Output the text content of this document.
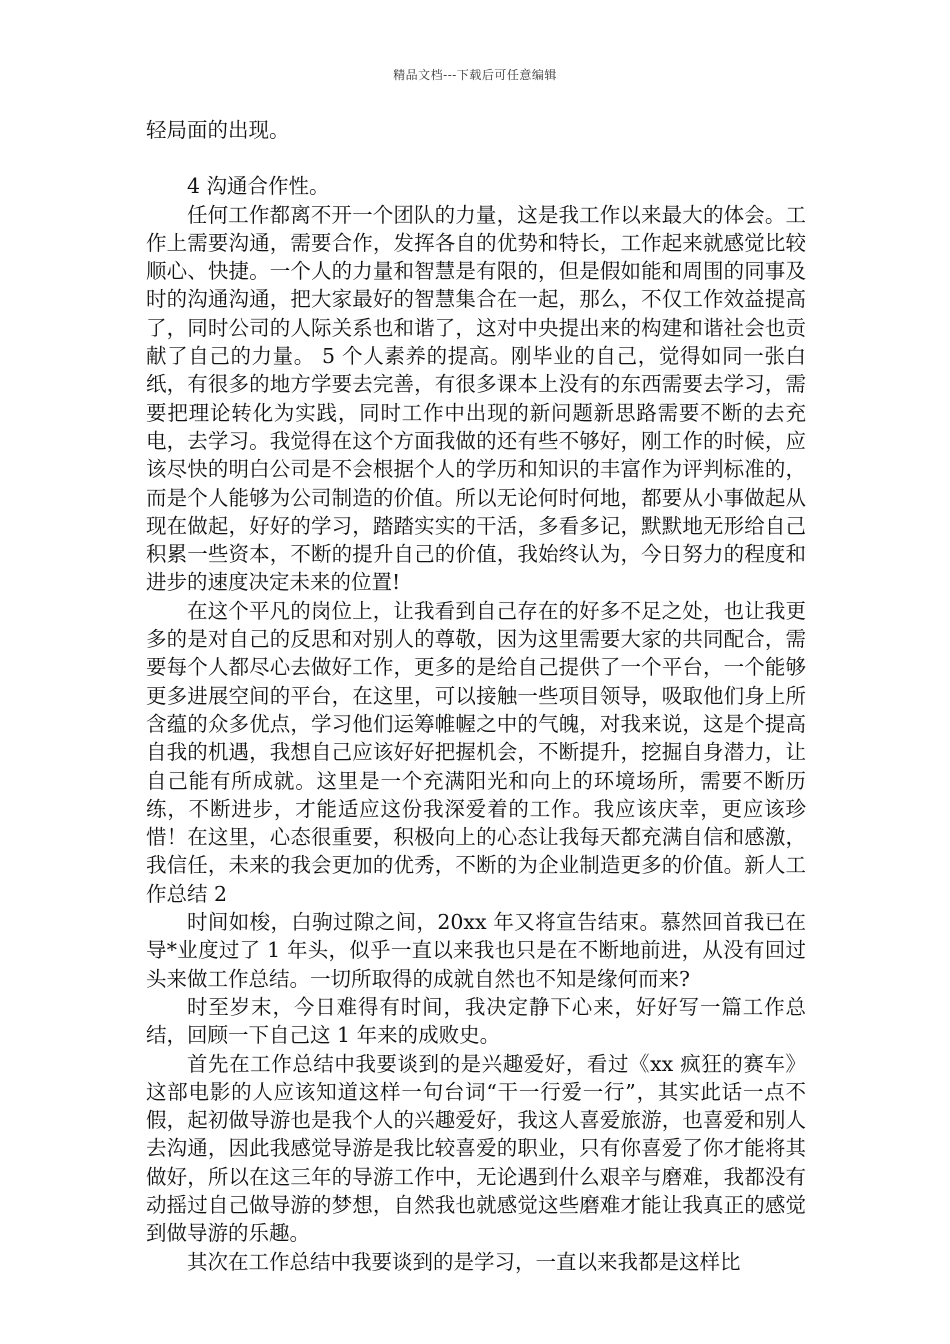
精品文档---下载后可任意编辑

轻局面的出现。

4 沟通合作性。

任何工作都离不开一个团队的力量，这是我工作以来最大的体会。工作上需要沟通，需要合作，发挥各自的优势和特长，工作起来就感觉比较顺心、快捷。一个人的力量和智慧是有限的，但是假如能和周围的同事及时的沟通沟通，把大家最好的智慧集合在一起，那么，不仅工作效益提高了，同时公司的人际关系也和谐了，这对中央提出来的构建和谐社会也贡献了自己的力量。 5 个人素养的提高。刚毕业的自己，觉得如同一张白纸，有很多的地方学要去完善，有很多课本上没有的东西需要去学习，需要把理论转化为实践，同时工作中出现的新问题新思路需要不断的去充电，去学习。我觉得在这个方面我做的还有些不够好，刚工作的时候，应该尽快的明白公司是不会根据个人的学历和知识的丰富作为评判标准的，而是个人能够为公司制造的价值。所以无论何时何地，都要从小事做起从现在做起，好好的学习，踏踏实实的干活，多看多记，默默地无形给自己积累一些资本，不断的提升自己的价值，我始终认为，今日努力的程度和进步的速度决定未来的位置!

在这个平凡的岗位上，让我看到自己存在的好多不足之处，也让我更多的是对自己的反思和对别人的尊敬，因为这里需要大家的共同配合，需要每个人都尽心去做好工作，更多的是给自己提供了一个平台，一个能够更多进展空间的平台，在这里，可以接触一些项目领导，吸取他们身上所含蕴的众多优点，学习他们运筹帷幄之中的气魄，对我来说，这是个提高自我的机遇，我想自己应该好好把握机会，不断提升，挖掘自身潜力，让自己能有所成就。这里是一个充满阳光和向上的环境场所，需要不断历练，不断进步，才能适应这份我深爱着的工作。我应该庆幸，更应该珍惜！在这里，心态很重要，积极向上的心态让我每天都充满自信和感激，我信任，未来的我会更加的优秀，不断的为企业制造更多的价值。新人工作总结 2

时间如梭，白驹过隙之间，20xx 年又将宣告结束。慕然回首我已在导*业度过了 1 年头，似乎一直以来我也只是在不断地前进，从没有回过头来做工作总结。一切所取得的成就自然也不知是缘何而来?

时至岁末，今日难得有时间，我决定静下心来，好好写一篇工作总结，回顾一下自己这 1 年来的成败史。

首先在工作总结中我要谈到的是兴趣爱好，看过《xx 疯狂的赛车》这部电影的人应该知道这样一句台词“干一行爱一行”，其实此话一点不假，起初做导游也是我个人的兴趣爱好，我这人喜爱旅游，也喜爱和别人去沟通，因此我感觉导游是我比较喜爱的职业，只有你喜爱了你才能将其做好，所以在这三年的导游工作中，无论遇到什么艰辛与磨难，我都没有动摇过自己做导游的梦想，自然我也就感觉这些磨难才能让我真正的感觉到做导游的乐趣。

其次在工作总结中我要谈到的是学习，一直以来我都是这样比
